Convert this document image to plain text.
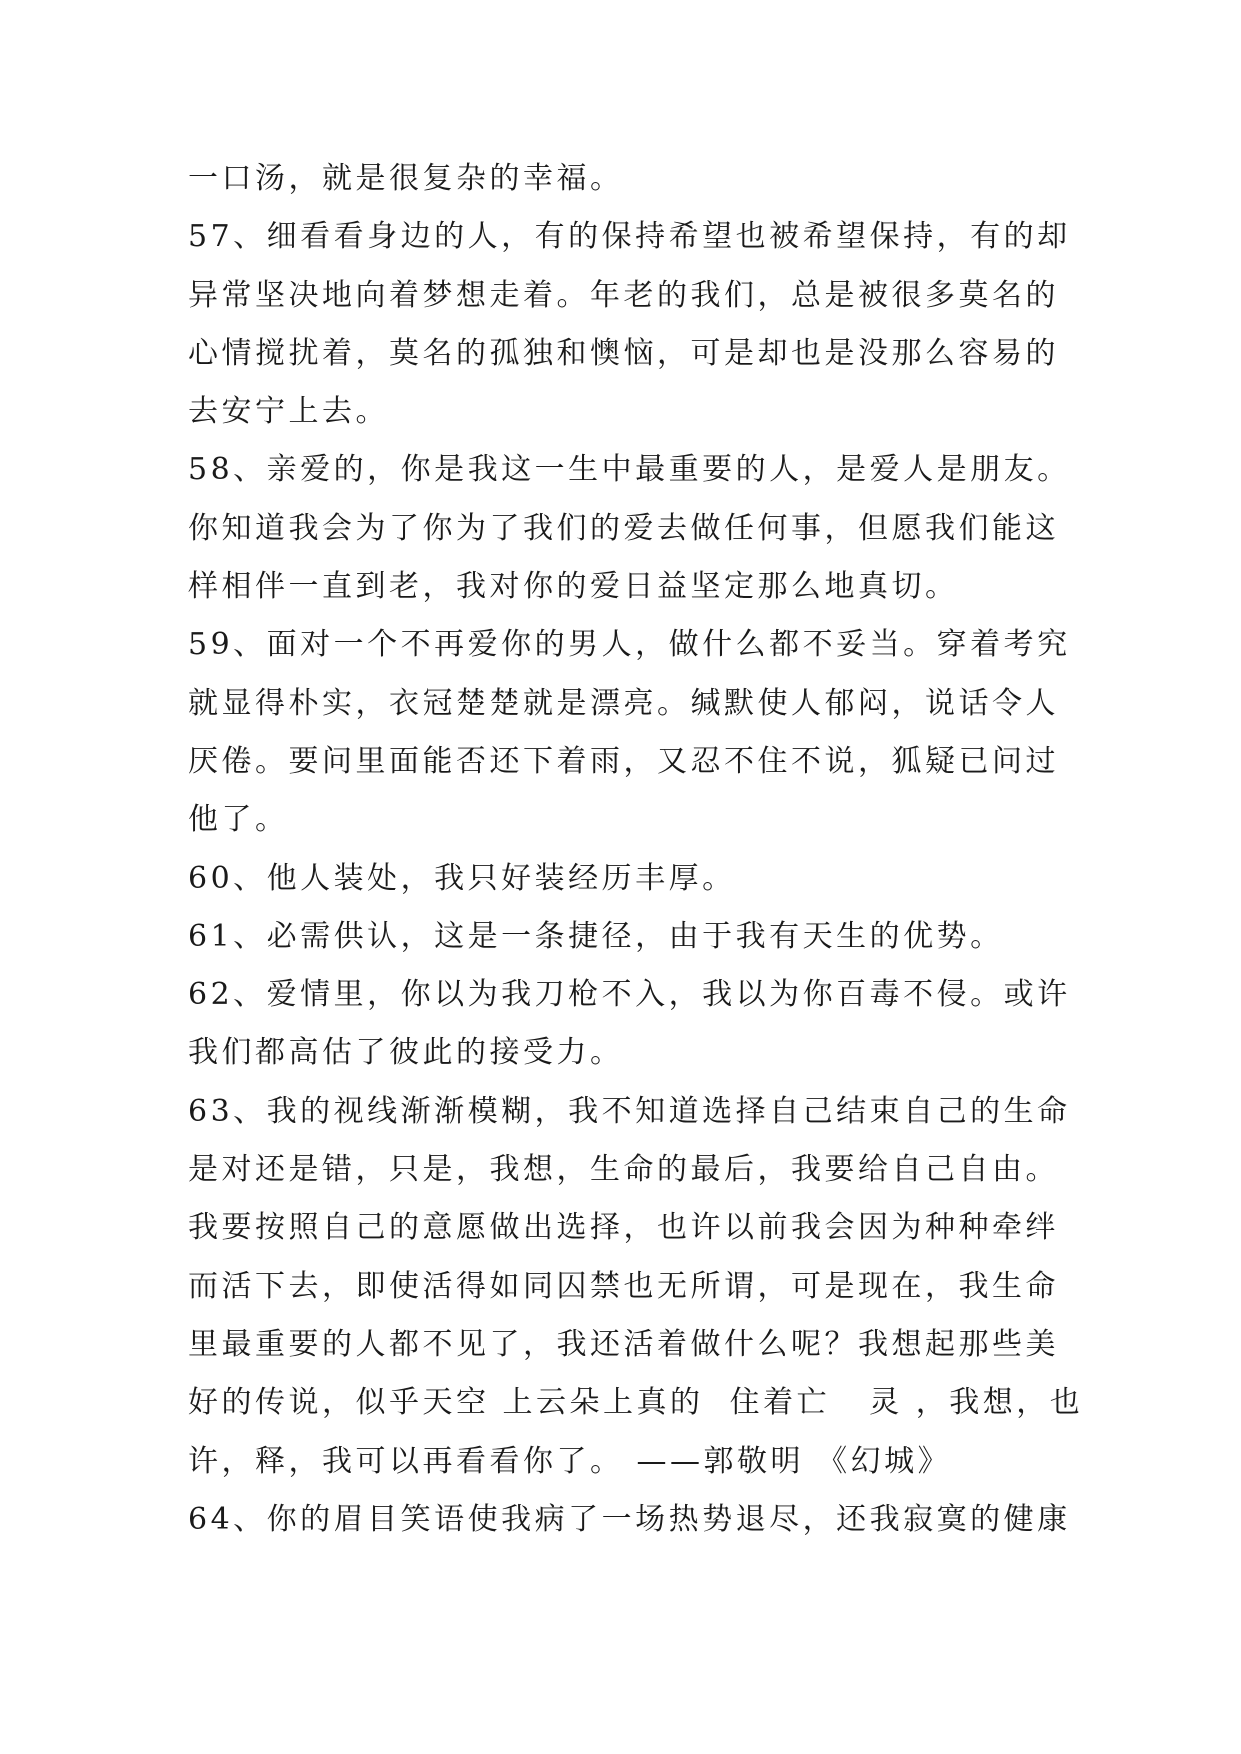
一口汤，就是很复杂的幸福。
57、细看看身边的人，有的保持希望也被希望保持，有的却
异常坚决地向着梦想走着。年老的我们，总是被很多莫名的
心情搅扰着，莫名的孤独和懊恼，可是却也是没那么容易的
去安宁上去。
58、亲爱的，你是我这一生中最重要的人，是爱人是朋友。
你知道我会为了你为了我们的爱去做任何事，但愿我们能这
样相伴一直到老，我对你的爱日益坚定那么地真切。
59、面对一个不再爱你的男人，做什么都不妥当。穿着考究
就显得朴实，衣冠楚楚就是漂亮。缄默使人郁闷，说话令人
厌倦。要问里面能否还下着雨，又忍不住不说，狐疑已问过
他了。
60、他人装处，我只好装经历丰厚。
61、必需供认，这是一条捷径，由于我有天生的优势。
62、爱情里，你以为我刀枪不入，我以为你百毒不侵。或许
我们都高估了彼此的接受力。
63、我的视线渐渐模糊，我不知道选择自己结束自己的生命
是对还是错，只是，我想，生命的最后，我要给自己自由。
我要按照自己的意愿做出选择，也许以前我会因为种种牵绊
而活下去，即使活得如同囚禁也无所谓，可是现在，我生命
里最重要的人都不见了，我还活着做什么呢？我想起那些美
好的传说，似乎天空 上云朵上真的  住着亡   灵 ，我想，也
许，释，我可以再看看你了。 ——郭敬明 《幻城》
64、你的眉目笑语使我病了一场热势退尽，还我寂寞的健康
